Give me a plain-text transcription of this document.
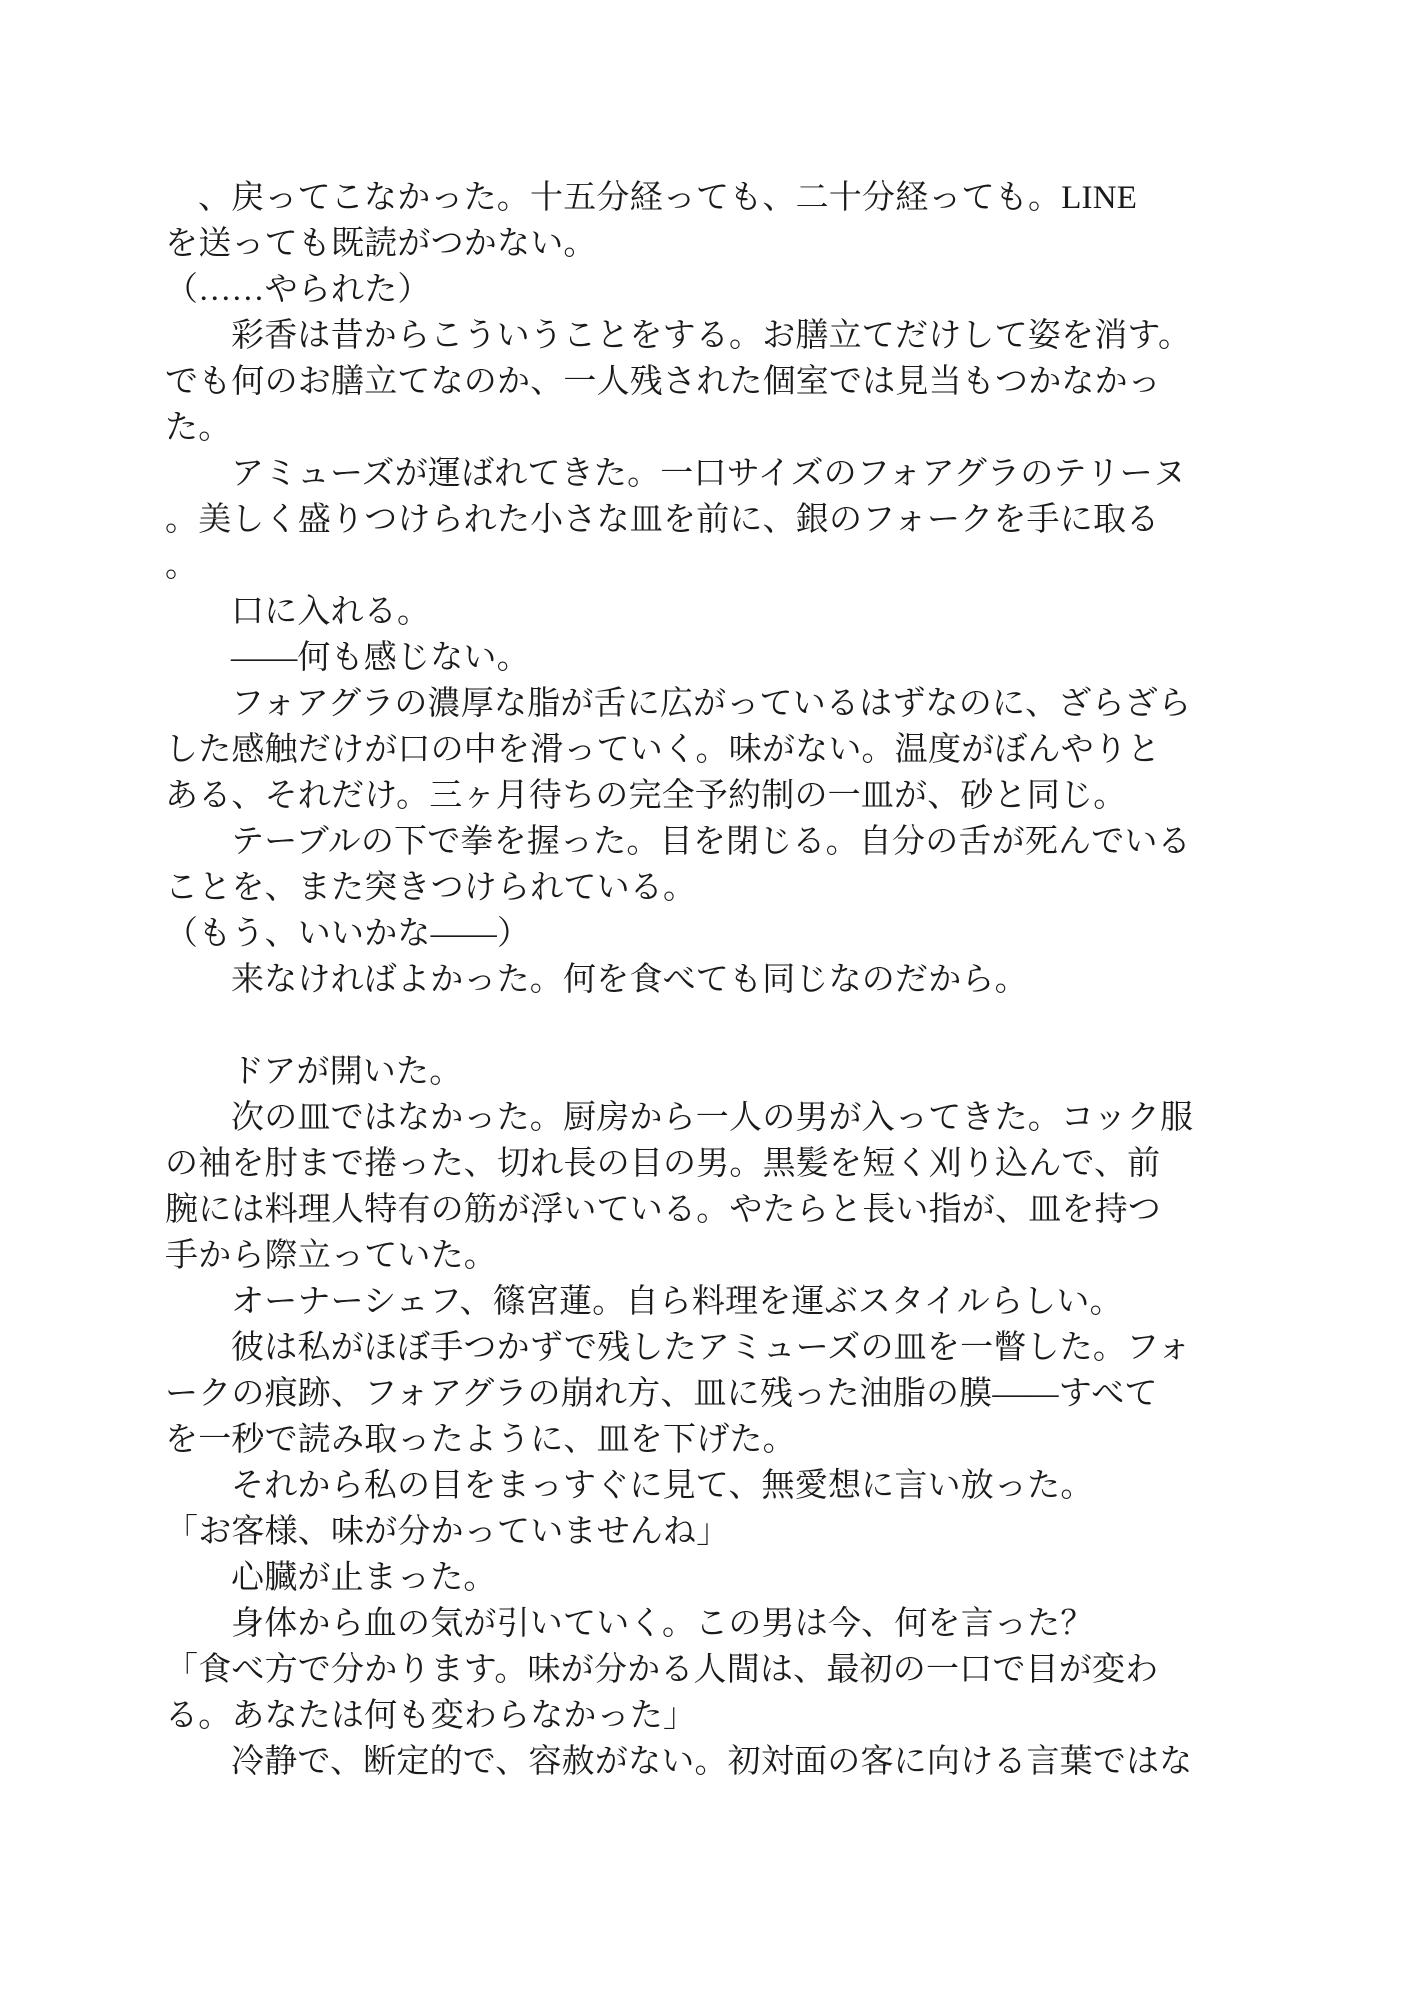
、戻ってこなかった。十五分経っても、二十分経っても。LINE
を送っても既読がつかない。
（……やられた）
彩香は昔からこういうことをする。お膳立てだけして姿を消す。
でも何のお膳立てなのか、一人残された個室では見当もつかなかっ
た。
アミューズが運ばれてきた。一口サイズのフォアグラのテリーヌ
。美しく盛りつけられた小さな皿を前に、銀のフォークを手に取る
。
口に入れる。
——何も感じない。
フォアグラの濃厚な脂が舌に広がっているはずなのに、ざらざら
した感触だけが口の中を滑っていく。味がない。温度がぼんやりと
ある、それだけ。三ヶ月待ちの完全予約制の一皿が、砂と同じ。
テーブルの下で拳を握った。目を閉じる。自分の舌が死んでいる
ことを、また突きつけられている。
（もう、いいかな——）
来なければよかった。何を食べても同じなのだから。
ドアが開いた。
次の皿ではなかった。厨房から一人の男が入ってきた。コック服
の袖を肘まで捲った、切れ長の目の男。黒髪を短く刈り込んで、前
腕には料理人特有の筋が浮いている。やたらと長い指が、皿を持つ
手から際立っていた。
オーナーシェフ、篠宮蓮。自ら料理を運ぶスタイルらしい。
彼は私がほぼ手つかずで残したアミューズの皿を一瞥した。フォ
ークの痕跡、フォアグラの崩れ方、皿に残った油脂の膜——すべて
を一秒で読み取ったように、皿を下げた。
それから私の目をまっすぐに見て、無愛想に言い放った。
「お客様、味が分かっていませんね」
心臓が止まった。
身体から血の気が引いていく。この男は今、何を言った？
「食べ方で分かります。味が分かる人間は、最初の一口で目が変わ
る。あなたは何も変わらなかった」
冷静で、断定的で、容赦がない。初対面の客に向ける言葉ではな
